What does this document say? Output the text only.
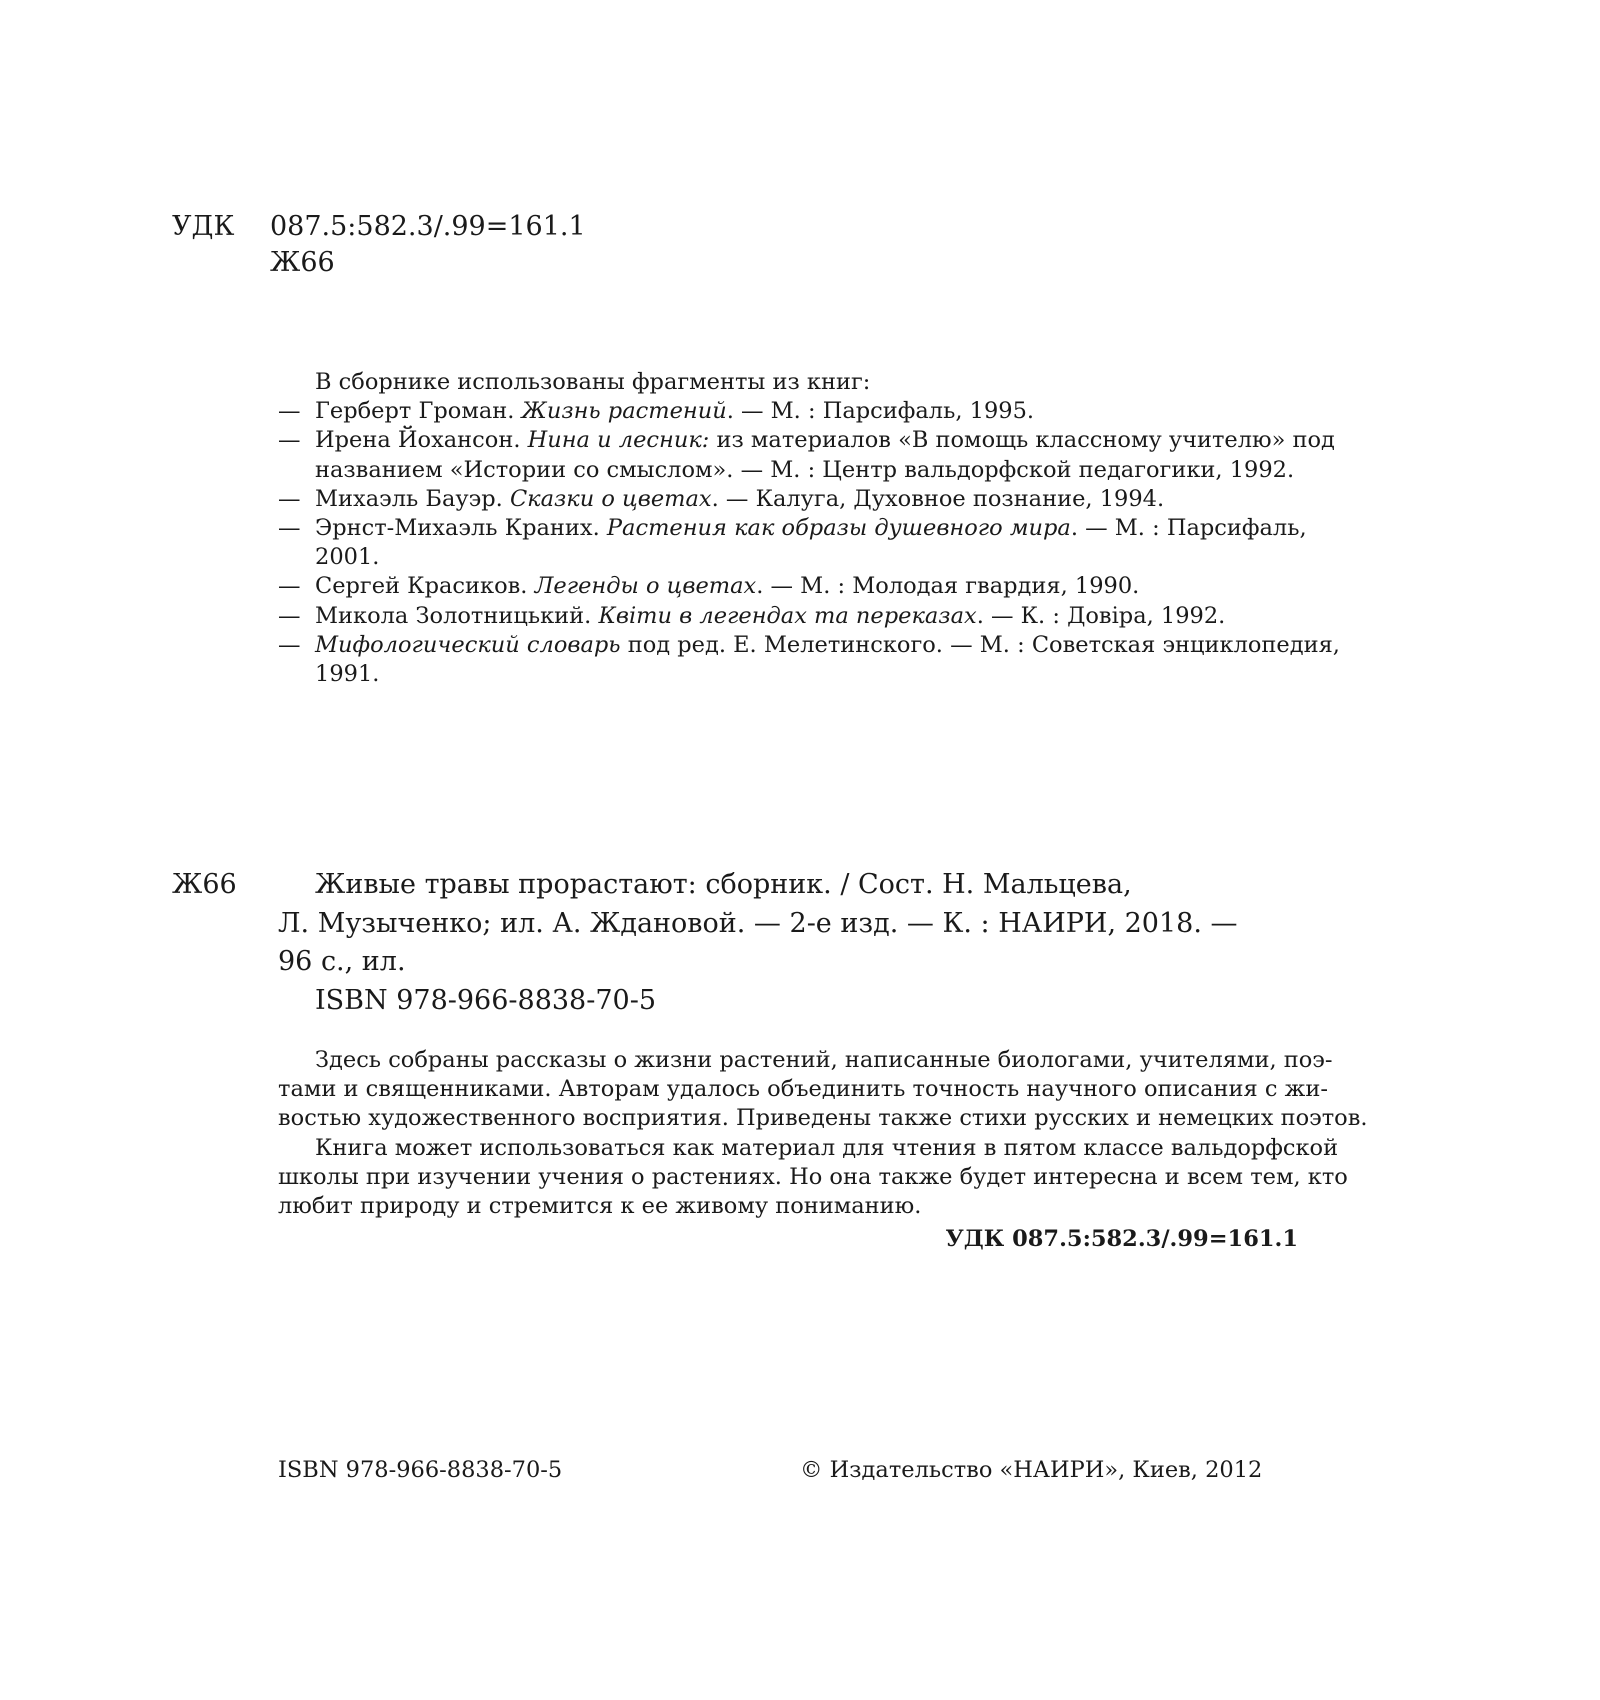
УДК 087.5:582.3/.99=161.1
Ж66
В сборнике использованы фрагменты из книг:
— Герберт Громан. Жизнь растений. — М. : Парсифаль, 1995.
— Ирена Йохансон. Нина и лесник: из материалов «В помощь классному учителю» под
названием «Истории со смыслом». — М. : Центр вальдорфской педагогики, 1992.
— Михаэль Бауэр. Сказки о цветах. — Калуга, Духовное познание, 1994.
— Эрнст-Михаэль Краних. Растения как образы душевного мира. — М. : Парсифаль,
2001.
— Сергей Красиков. Легенды о цветах. — М. : Молодая гвардия, 1990.
— Микола Золотницький. Квіти в легендах та переказах. — К. : Довіра, 1992.
— Мифологический словарь под ред. Е. Мелетинского. — М. : Советская энциклопедия,
1991.
Ж66	Живые травы прорастают: сборник. / Сост. Н. Мальцева,
Л. Музыченко; ил. А. Ждановой. — 2-е изд. — К. : НАИРИ, 2018. —
96 с., ил.
ISBN 978-966-8838-70-5
Здесь собраны рассказы о жизни растений, написанные биологами, учителями, поэ-
тами и священниками. Авторам удалось объединить точность научного описания с жи-
востью художественного восприятия. Приведены также стихи русских и немецких поэтов.
Книга может использоваться как материал для чтения в пятом классе вальдорфской
школы при изучении учения о растениях. Но она также будет интересна и всем тем, кто
любит природу и стремится к ее живому пониманию.
УДК 087.5:582.3/.99=161.1
ISBN 978-966-8838-70-5	© Издательство «НАИРИ», Киев, 2012
